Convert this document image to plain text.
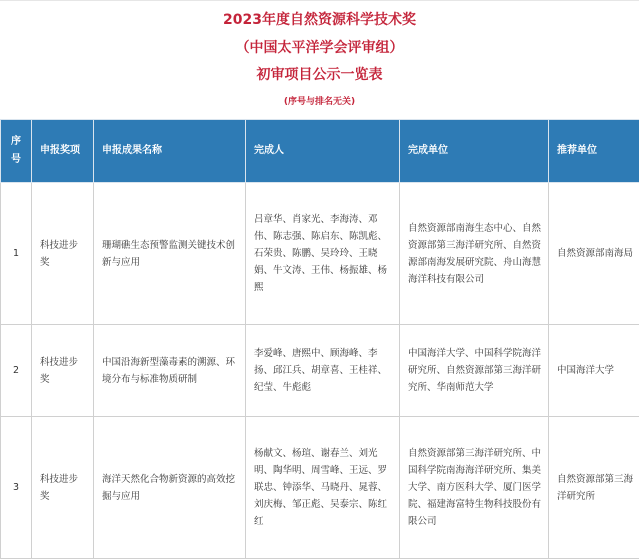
2023年度自然资源科学技术奖
（中国太平洋学会评审组）
初审项目公示一览表
(序号与排名无关)
序号	申报奖项	申报成果名称	完成人	完成单位	推荐单位
1	科技进步奖	珊瑚礁生态预警监测关键技术创新与应用	吕章华、肖家光、李海涛、邓伟、陈志强、陈启东、陈凯彪、石荣贵、陈鹏、吴玲玲、王晓娟、牛文涛、王伟、杨振雄、杨熙	自然资源部南海生态中心、自然资源部第三海洋研究所、自然资源部南海发展研究院、舟山海慧海洋科技有限公司	自然资源部南海局
2	科技进步奖	中国沿海新型藻毒素的溯源、环境分布与标准物质研制	李爱峰、唐熙中、顾海峰、李扬、邱江兵、胡章喜、王桂祥、纪莹、牛彪彪	中国海洋大学、中国科学院海洋研究所、自然资源部第三海洋研究所、华南师范大学	中国海洋大学
3	科技进步奖	海洋天然化合物新资源的高效挖掘与应用	杨献文、杨瑄、谢春兰、刘光明、陶华明、周雪峰、王远、罗联忠、钟添华、马晓丹、晁蓉、刘庆梅、邹正彪、吴泰宗、陈红红	自然资源部第三海洋研究所、中国科学院南海海洋研究所、集美大学、南方医科大学、厦门医学院、福建海富特生物科技股份有限公司	自然资源部第三海洋研究所
